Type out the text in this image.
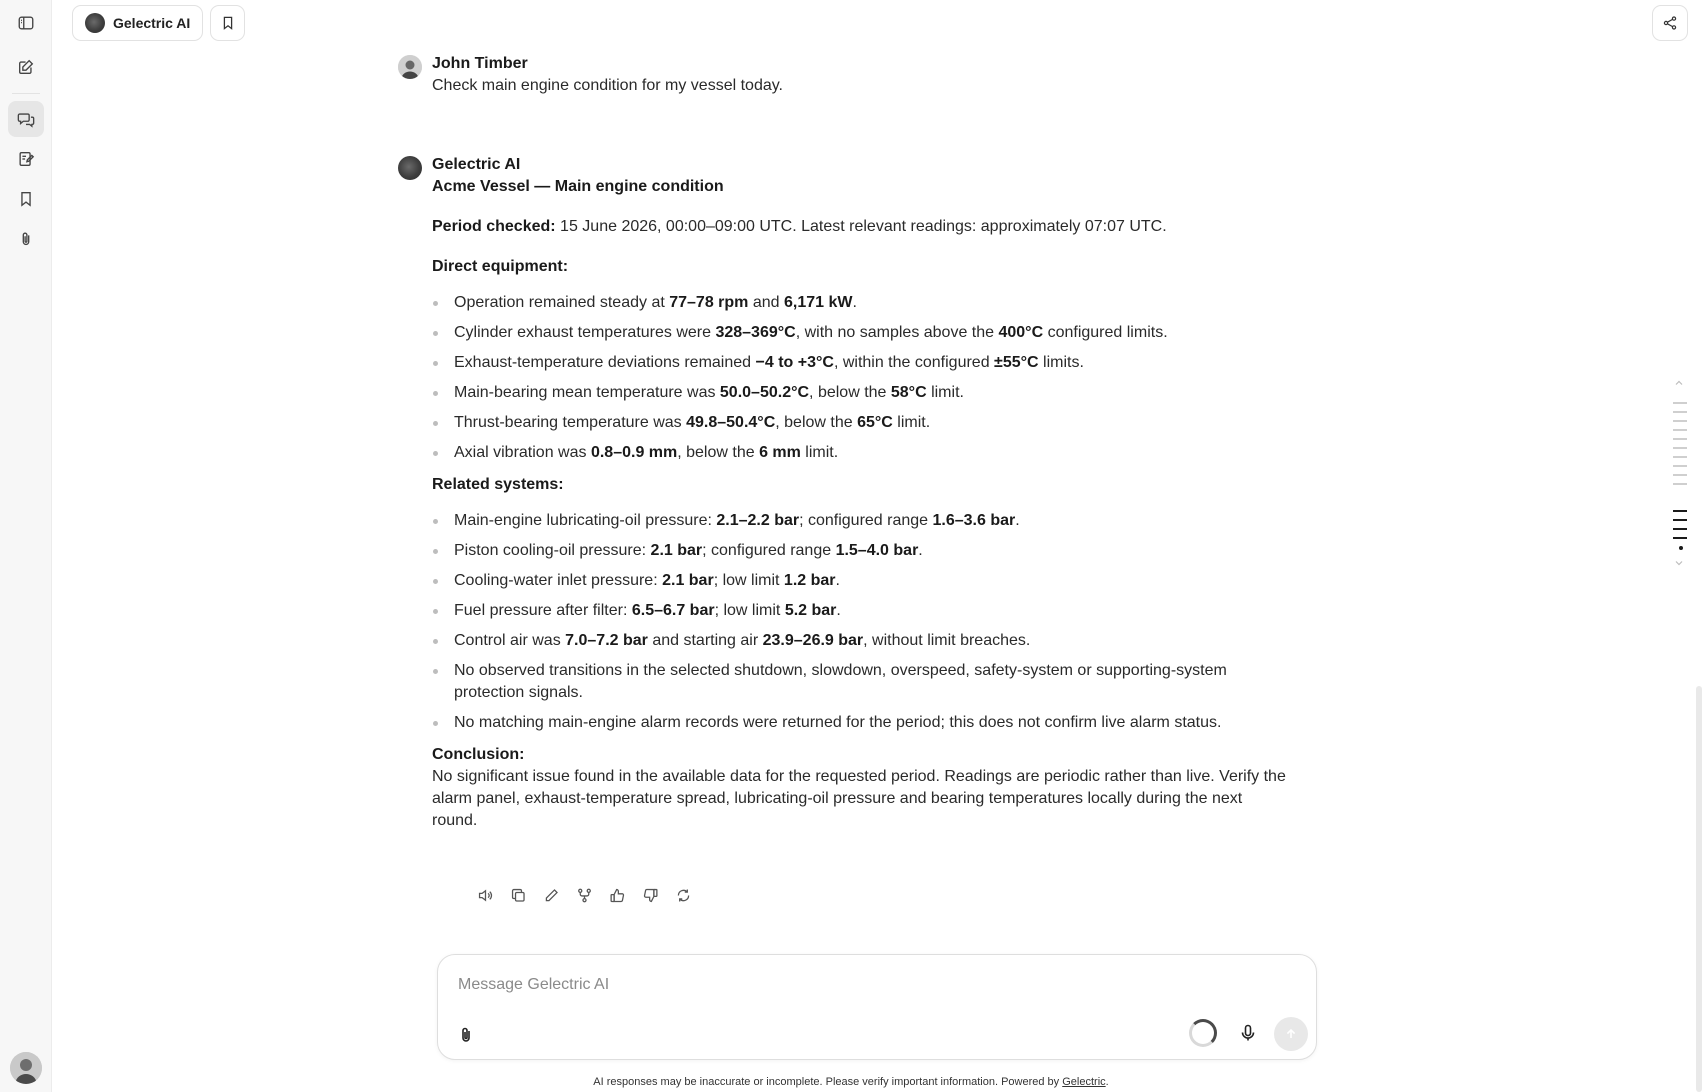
Gelectric AI
John Timber
Check main engine condition for my vessel today.
Gelectric AI
Acme Vessel — Main engine condition
Period checked: 15 June 2026, 00:00–09:00 UTC. Latest relevant readings: approximately 07:07 UTC.
Direct equipment:
Operation remained steady at 77–78 rpm and 6,171 kW.
Cylinder exhaust temperatures were 328–369°C, with no samples above the 400°C configured limits.
Exhaust-temperature deviations remained −4 to +3°C, within the configured ±55°C limits.
Main-bearing mean temperature was 50.0–50.2°C, below the 58°C limit.
Thrust-bearing temperature was 49.8–50.4°C, below the 65°C limit.
Axial vibration was 0.8–0.9 mm, below the 6 mm limit.
Related systems:
Main-engine lubricating-oil pressure: 2.1–2.2 bar; configured range 1.6–3.6 bar.
Piston cooling-oil pressure: 2.1 bar; configured range 1.5–4.0 bar.
Cooling-water inlet pressure: 2.1 bar; low limit 1.2 bar.
Fuel pressure after filter: 6.5–6.7 bar; low limit 5.2 bar.
Control air was 7.0–7.2 bar and starting air 23.9–26.9 bar, without limit breaches.
No observed transitions in the selected shutdown, slowdown, overspeed, safety-system or supporting-system protection signals.
No matching main-engine alarm records were returned for the period; this does not confirm live alarm status.
Conclusion:
No significant issue found in the available data for the requested period. Readings are periodic rather than live. Verify the alarm panel, exhaust-temperature spread, lubricating-oil pressure and bearing temperatures locally during the next round.
Message Gelectric AI
AI responses may be inaccurate or incomplete. Please verify important information. Powered by Gelectric.
